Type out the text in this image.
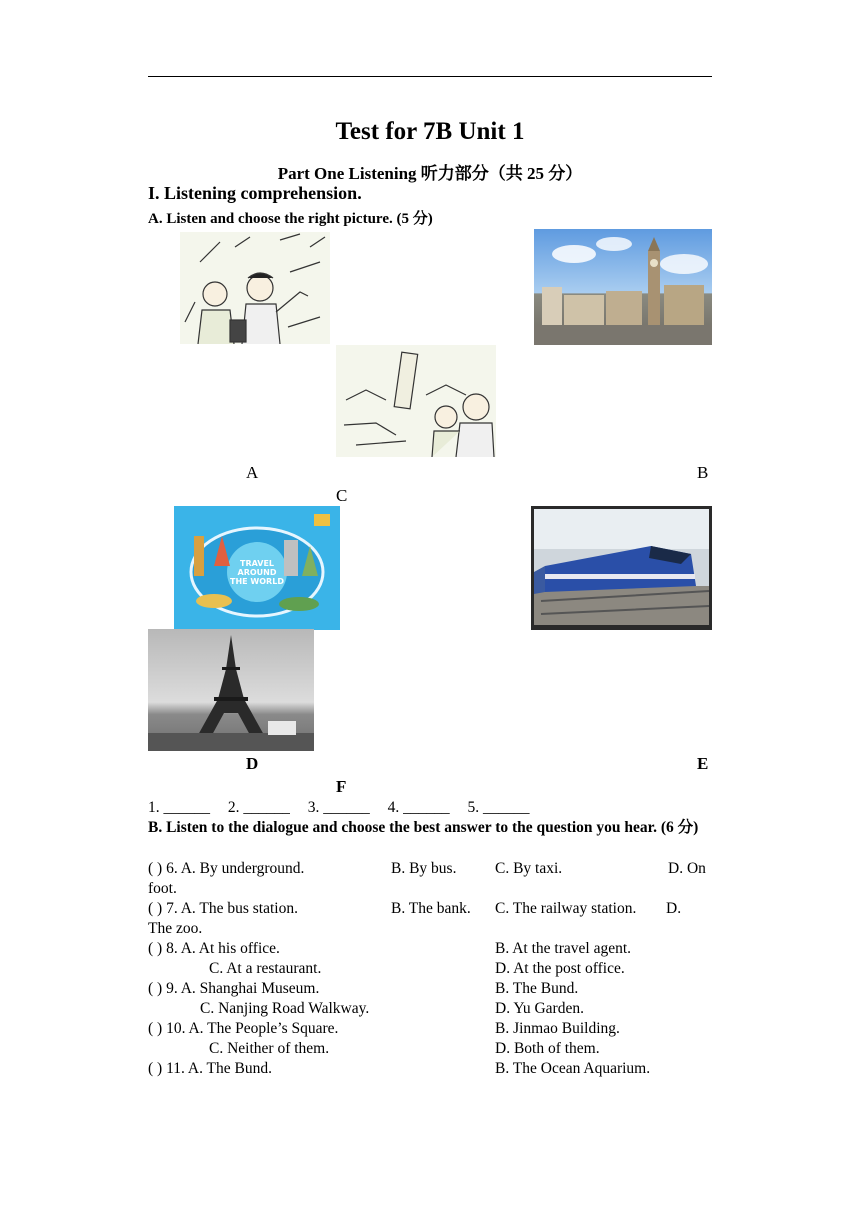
Test for 7B Unit 1
Part One Listening 听力部分（共 25 分）
I. Listening comprehension.
A. Listen and choose the right picture. (5 分)
A	B
C
TRAVEL AROUND THE WORLD
D	E
F
1. ______ 2. ______ 3. ______ 4. ______ 5. ______
B. Listen to the dialogue and choose the best answer to the question you hear. (6 分)
( ) 6. A. By underground.	B. By bus. C. By taxi.	D. On
foot.
( ) 7. A. The bus station.	B. The bank. C. The railway station. D.
The zoo.
( ) 8. A. At his office.	B. At the travel agent.
C. At a restaurant.	D. At the post office.
( ) 9. A. Shanghai Museum.	B. The Bund.
C. Nanjing Road Walkway.	D. Yu Garden.
( ) 10. A. The People’s Square.	B. Jinmao Building.
C. Neither of them.	D. Both of them.
( ) 11. A. The Bund.	B. The Ocean Aquarium.
